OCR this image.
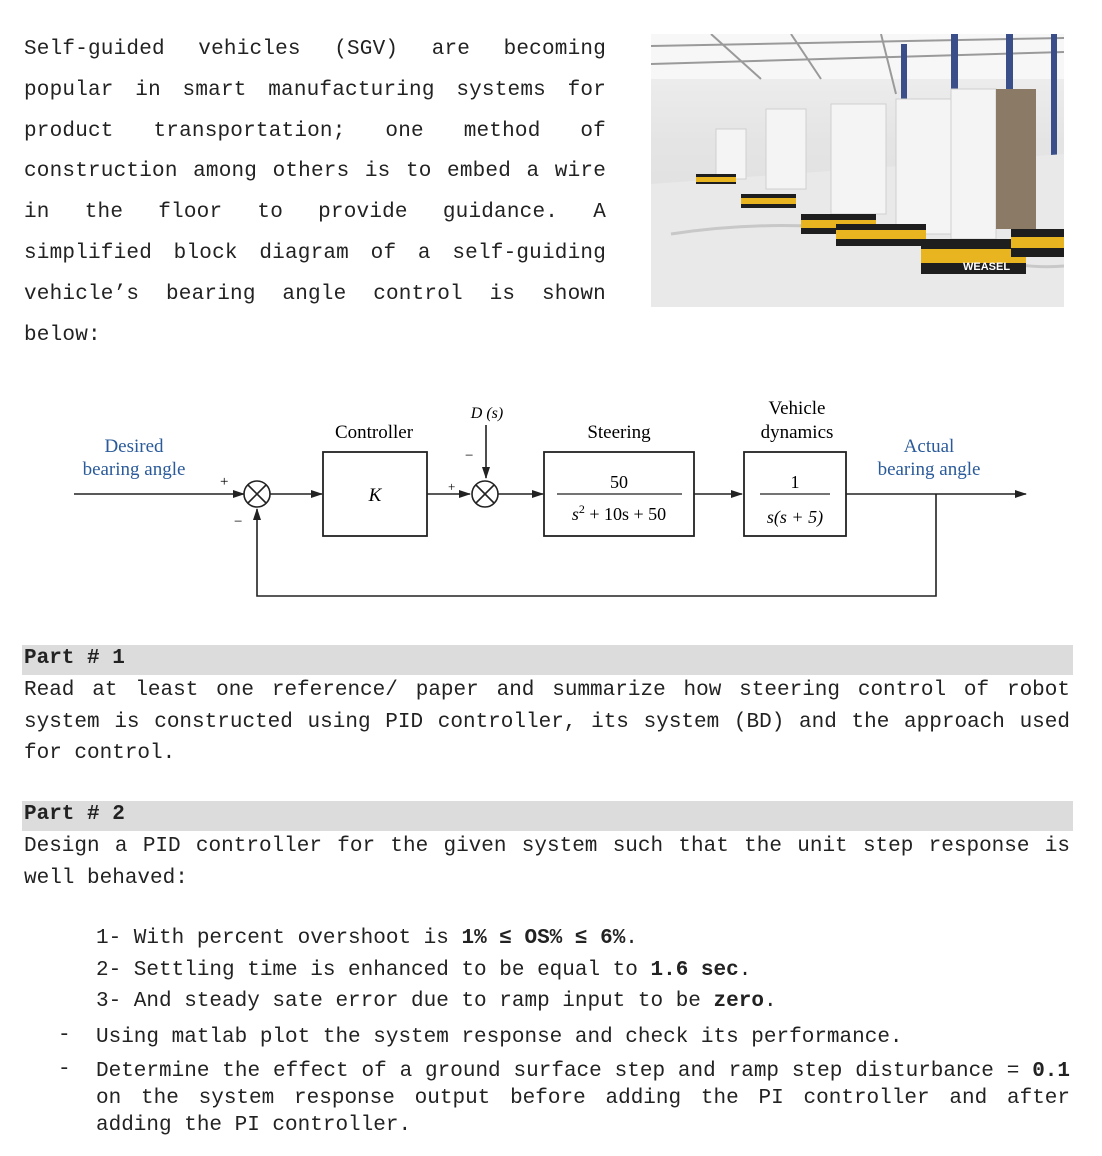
Self-guided vehicles (SGV) are becoming popular in smart manufacturing systems for product transportation; one method of construction among others is to embed a wire in the floor to provide guidance. A simplified block diagram of a self-guiding vehicle’s bearing angle control is shown below:
WEASEL
Desired
bearing angle
+
−
Controller
K	+
D (s)
−
Steering
50
$s^2 + 10s + 50$
Vehicle
dynamics
1
s(s + 5)
Actual
bearing angle
Part # 1
Read at least one reference/ paper and summarize how steering control of robot system is constructed using PID controller, its system (BD) and the approach used for control.
Part # 2
Design a PID controller for the given system such that the unit step response is well behaved:
1- With percent overshoot is 1% ≤ OS% ≤ 6%.
2- Settling time is enhanced to be equal to 1.6 sec.
3- And steady sate error due to ramp input to be zero.
- Using matlab plot the system response and check its performance.
- Determine the effect of a ground surface step and ramp step disturbance = 0.1 on the system response output before adding the PI controller and after adding the PI controller.
